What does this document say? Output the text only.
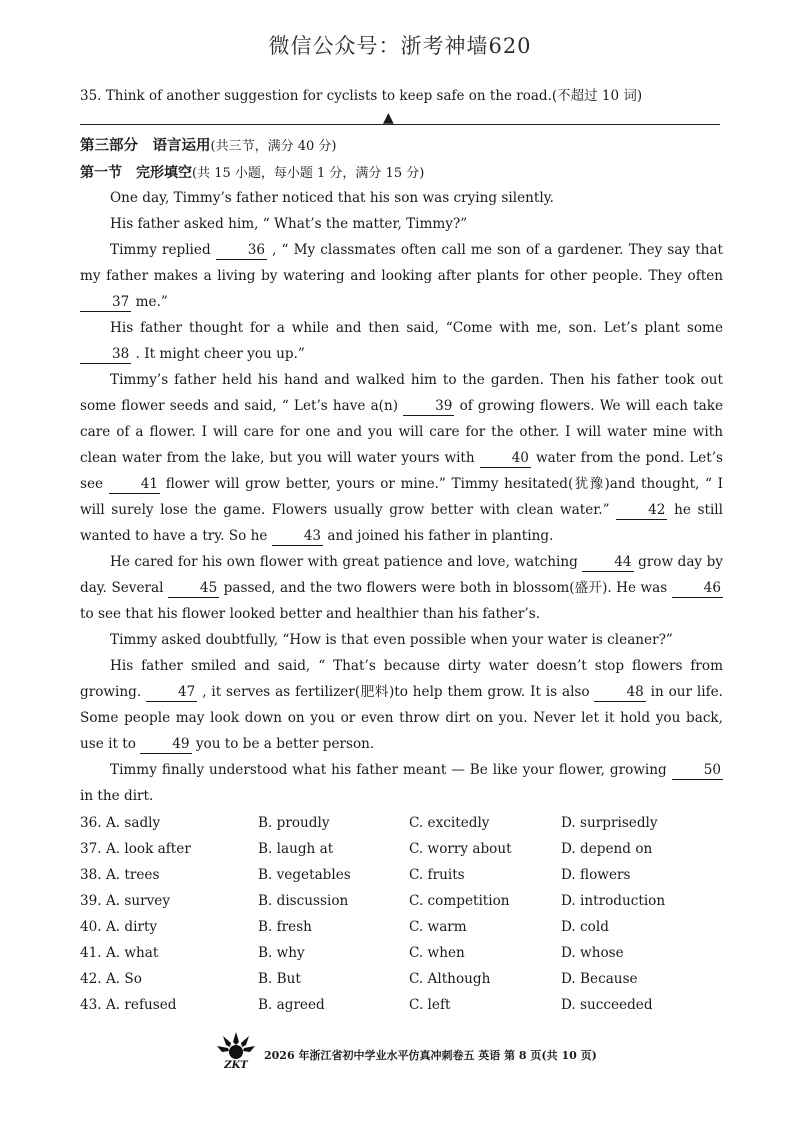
微信公众号：浙考神墙620
35. Think of another suggestion for cyclists to keep safe on the road.(不超过 10 词)
▲
第三部分　语言运用(共三节，满分 40 分)
第一节　完形填空(共 15 小题，每小题 1 分，满分 15 分)

One day, Timmy’s father noticed that his son was crying silently.

His father asked him, “ What’s the matter, Timmy?”

Timmy replied 36 , “ My classmates often call me son of a gardener. They say that my father makes a living by watering and looking after plants for other people. They often 37 me.”

His father thought for a while and then said, “Come with me, son. Let’s plant some 38 . It might cheer you up.”

Timmy’s father held his hand and walked him to the garden. Then his father took out some flower seeds and said, “ Let’s have a(n) 39 of growing flowers. We will each take care of a flower. I will care for one and you will care for the other. I will water mine with clean water from the lake, but you will water yours with 40 water from the pond. Let’s see 41 flower will grow better, yours or mine.” Timmy hesitated(犹豫)and thought, “ I will surely lose the game. Flowers usually grow better with clean water.” 42 he still wanted to have a try. So he 43 and joined his father in planting.

He cared for his own flower with great patience and love, watching 44 grow day by day. Several 45 passed, and the two flowers were both in blossom(盛开). He was 46 to see that his flower looked better and healthier than his father’s.

Timmy asked doubtfully, “How is that even possible when your water is cleaner?”

His father smiled and said, “ That’s because dirty water doesn’t stop flowers from growing. 47 , it serves as fertilizer(肥料)to help them grow. It is also 48 in our life. Some people may look down on you or even throw dirt on you. Never let it hold you back, use it to 49 you to be a better person.

Timmy finally understood what his father meant — Be like your flower, growing 50 in the dirt.

36. A. sadly	B. proudly	C. excitedly	D. surprisedly
37. A. look after	B. laugh at	C. worry about	D. depend on
38. A. trees	B. vegetables	C. fruits	D. flowers
39. A. survey	B. discussion	C. competition	D. introduction
40. A. dirty	B. fresh	C. warm	D. cold
41. A. what	B. why	C. when	D. whose
42. A. So	B. But	C. Although	D. Because
43. A. refused	B. agreed	C. left	D. succeeded
ZKT
2026 年浙江省初中学业水平仿真冲刺卷五 英语 第 8 页(共 10 页)
